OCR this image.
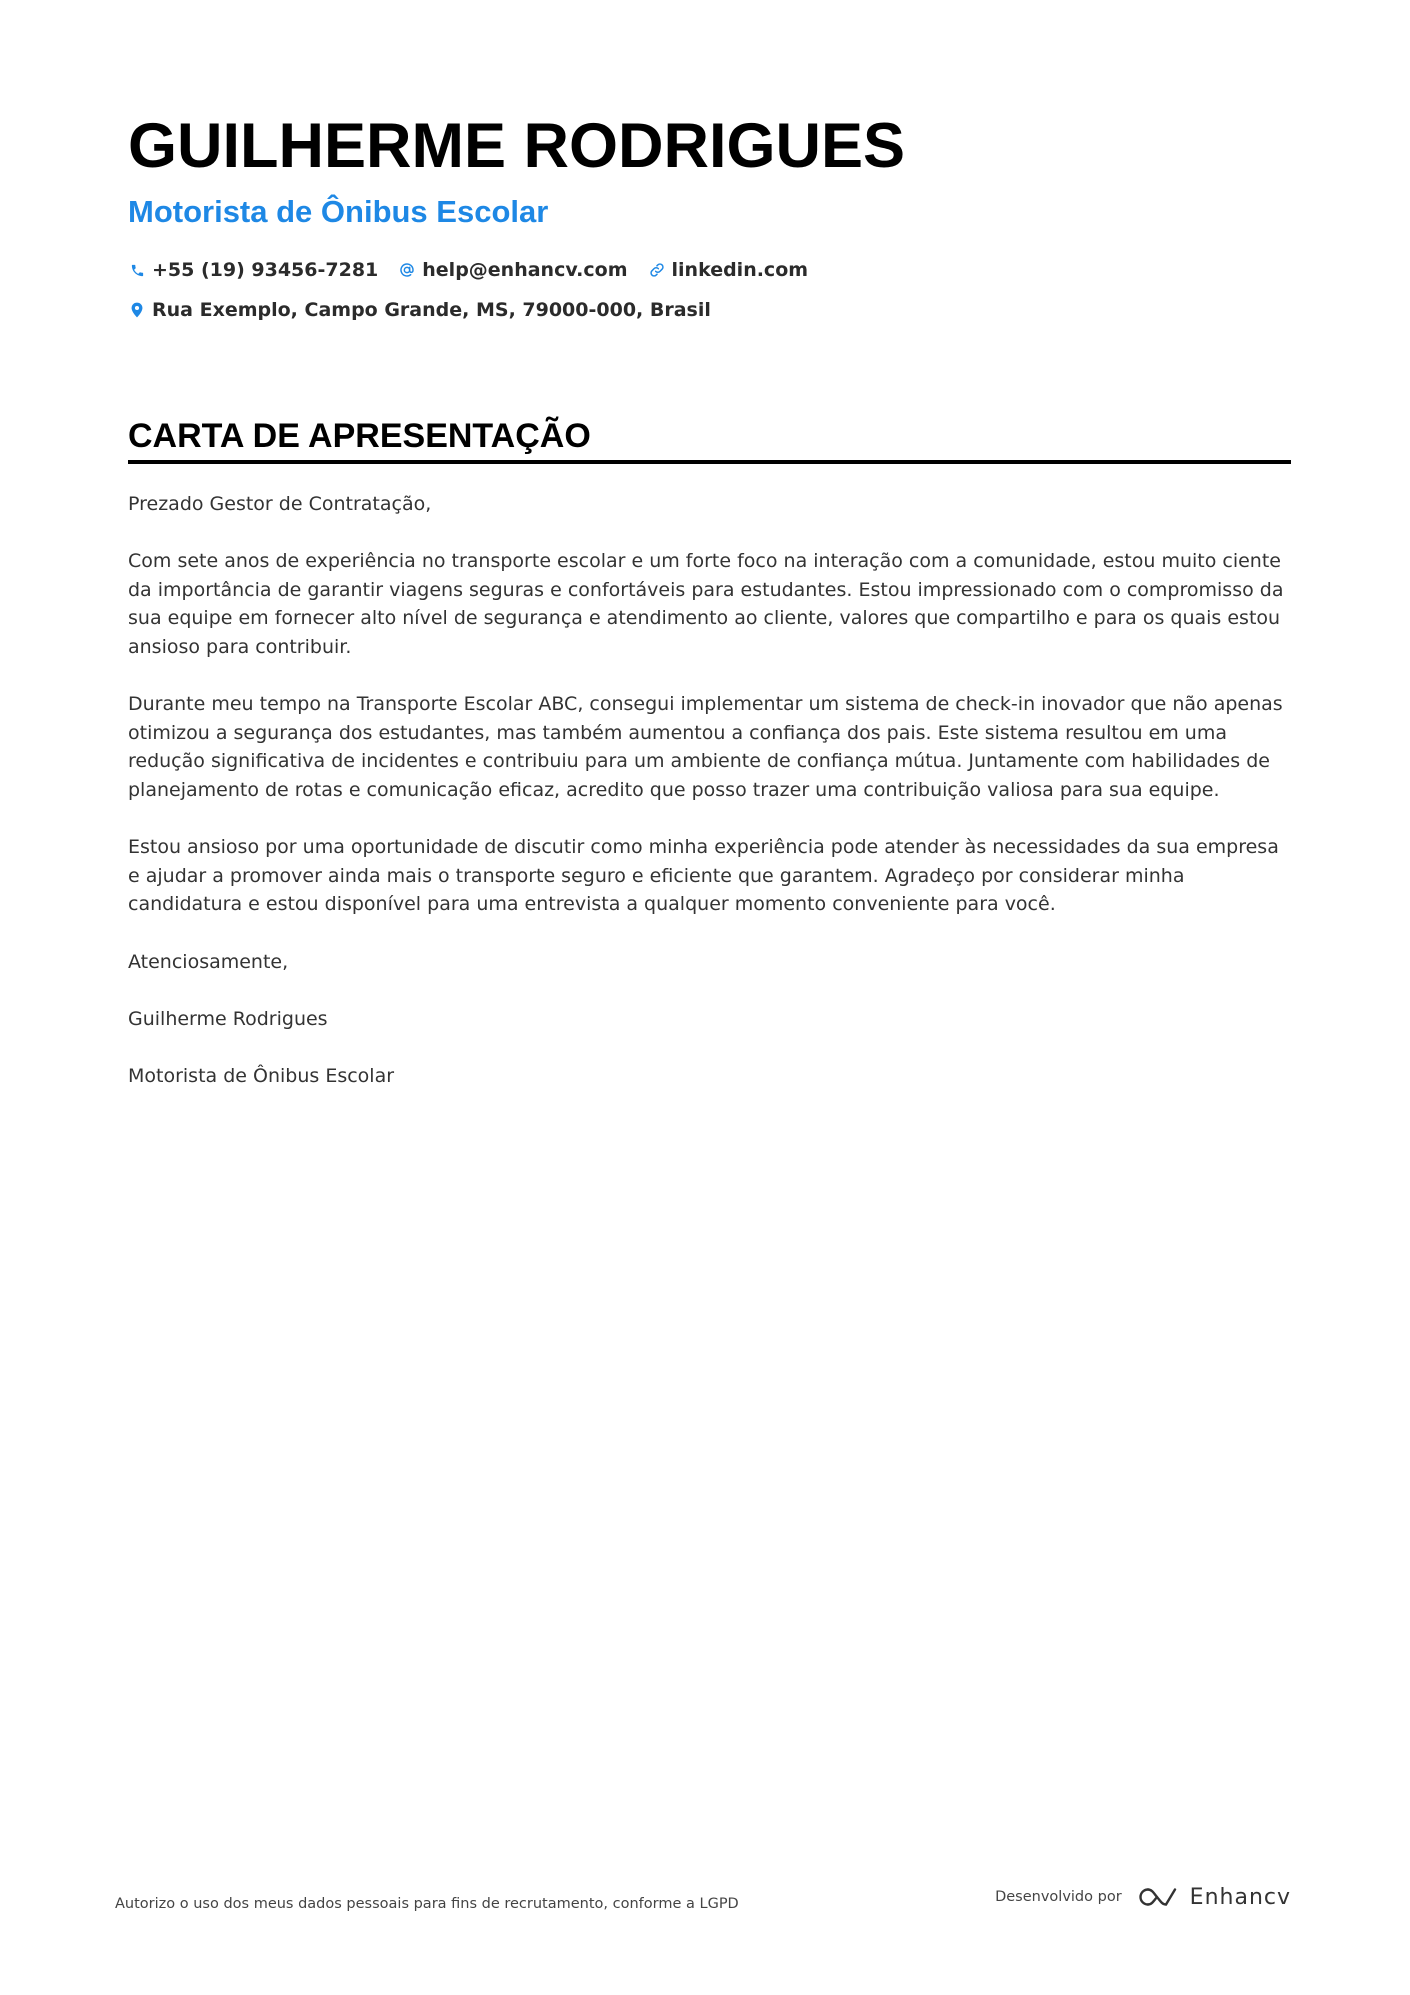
GUILHERME RODRIGUES
Motorista de Ônibus Escolar
+55 (19) 93456-7281 help@enhancv.com linkedin.com
Rua Exemplo, Campo Grande, MS, 79000-000, Brasil
CARTA DE APRESENTAÇÃO

Prezado Gestor de Contratação,

Com sete anos de experiência no transporte escolar e um forte foco na interação com a comunidade, estou muito ciente da importância de garantir viagens seguras e confortáveis para estudantes. Estou impressionado com o compromisso da sua equipe em fornecer alto nível de segurança e atendimento ao cliente, valores que compartilho e para os quais estou ansioso para contribuir.

Durante meu tempo na Transporte Escolar ABC, consegui implementar um sistema de check-in inovador que não apenas otimizou a segurança dos estudantes, mas também aumentou a confiança dos pais. Este sistema resultou em uma redução significativa de incidentes e contribuiu para um ambiente de confiança mútua. Juntamente com habilidades de planejamento de rotas e comunicação eficaz, acredito que posso trazer uma contribuição valiosa para sua equipe.

Estou ansioso por uma oportunidade de discutir como minha experiência pode atender às necessidades da sua empresa e ajudar a promover ainda mais o transporte seguro e eficiente que garantem. Agradeço por considerar minha candidatura e estou disponível para uma entrevista a qualquer momento conveniente para você.

Atenciosamente,

Guilherme Rodrigues

Motorista de Ônibus Escolar

Autorizo o uso dos meus dados pessoais para fins de recrutamento, conforme a LGPD	Desenvolvido por	Enhancv
